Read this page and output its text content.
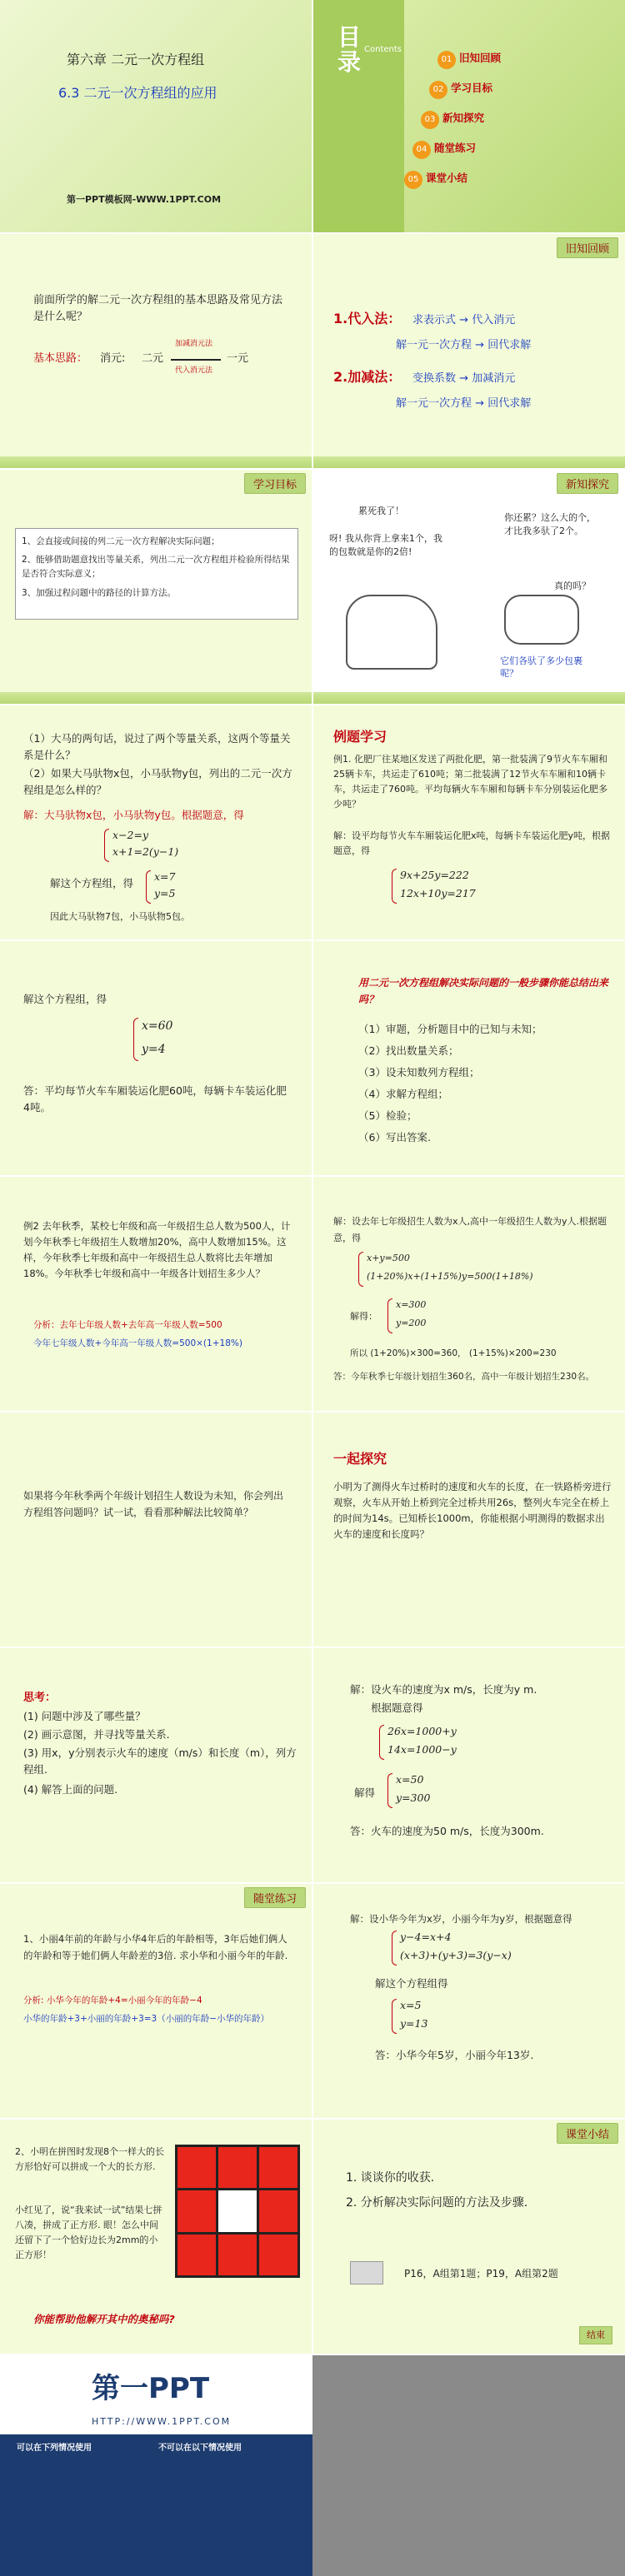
第六章 二元一次方程组
6.3 二元一次方程组的应用
第一PPT模板网-WWW.1PPT.COM
目
录 Contents
01 旧知回顾
02 学习目标
03 新知探究
04 随堂练习
05 课堂小结
前面所学的解二元一次方程组的基本思路及常见方法是什么呢？
基本思路： 消元: 二元
加减消元法
代入消元法
一元
旧知回顾
1.代入法： 求表示式 → 代入消元
解一元一次方程 → 回代求解
2.加减法： 变换系数 → 加减消元
解一元一次方程 → 回代求解
学习目标
1、会直接或间接的列二元一次方程解决实际问题；
2、能够借助题意找出等量关系，列出二元一次方程组并检验所得结果是否符合实际意义；
3、加强过程问题中的路径的计算方法。
新知探究
累死我了！
呀! 我从你背上拿来1个，我的包数就是你的2倍!
你还累？这么大的个，才比我多驮了2个。
真的吗？
它们各驮了多少包裹呢？
（1）大马的两句话，说过了两个等量关系，这两个等量关系是什么？
（2）如果大马驮物x包，小马驮物y包，列出的二元一次方程组是怎么样的？
解：大马驮物x包，小马驮物y包。根据题意，得
x−2=y
x+1=2(y−1)
解这个方程组，得
x=7
y=5
因此大马驮物7包，小马驮物5包。
例题学习
例1. 化肥厂往某地区发送了两批化肥，第一批装满了9节火车车厢和25辆卡车，共运走了610吨；第二批装满了12节火车车厢和10辆卡车，共运走了760吨。平均每辆火车车厢和每辆卡车分别装运化肥多少吨？
解：设平均每节火车车厢装运化肥x吨，每辆卡车装运化肥y吨，根据题意，得
9x+25y=222
12x+10y=217
解这个方程组，得
x=60
y=4
答：平均每节火车车厢装运化肥60吨，每辆卡车装运化肥4吨。
用二元一次方程组解决实际问题的一般步骤你能总结出来吗？
（1）审题，分析题目中的已知与未知；
（2）找出数量关系；
（3）设未知数列方程组；
（4）求解方程组；
（5）检验；
（6）写出答案.
例2 去年秋季，某校七年级和高一年级招生总人数为500人，计划今年秋季七年级招生人数增加20%，高中人数增加15%。这样，今年秋季七年级和高中一年级招生总人数将比去年增加18%。今年秋季七年级和高中一年级各计划招生多少人？
分析：去年七年级人数+去年高一年级人数=500
今年七年级人数+今年高一年级人数=500×(1+18%)
解：设去年七年级招生人数为x人,高中一年级招生人数为y人.根据题意，得
x+y=500
(1+20%)x+(1+15%)y=500(1+18%)
解得：
x=300
y=200
所以 (1+20%)×300=360， (1+15%)×200=230
答：今年秋季七年级计划招生360名，高中一年级计划招生230名。
如果将今年秋季两个年级计划招生人数设为未知，你会列出方程组答问题吗？试一试，看看那种解法比较简单？
一起探究
小明为了测得火车过桥时的速度和火车的长度，在一铁路桥旁进行观察，火车从开始上桥到完全过桥共用26s，整列火车完全在桥上的时间为14s。已知桥长1000m，你能根据小明测得的数据求出火车的速度和长度吗？
思考：
(1) 问题中涉及了哪些量？
(2) 画示意图，并寻找等量关系.
(3) 用x，y分别表示火车的速度（m/s）和长度（m），列方程组.
(4) 解答上面的问题.
解：设火车的速度为x m/s，长度为y m.
根据题意得
26x=1000+y
14x=1000−y
解得
x=50
y=300
答：火车的速度为50 m/s，长度为300m.
随堂练习
1、小丽4年前的年龄与小华4年后的年龄相等，3年后她们俩人的年龄和等于她们俩人年龄差的3倍. 求小华和小丽今年的年龄.
分析: 小华今年的年龄+4=小丽今年的年龄−4
小华的年龄+3+小丽的年龄+3=3（小丽的年龄−小华的年龄）
解：设小华今年为x岁，小丽今年为y岁，根据题意得
y−4=x+4
(x+3)+(y+3)=3(y−x)
解这个方程组得
x=5
y=13
答：小华今年5岁，小丽今年13岁.
2、小明在拼图时发现8个一样大的长方形恰好可以拼成一个大的长方形.
小红见了，说“我来试一试”结果七拼八凑，拼成了正方形. 眼！怎么中间还留下了一个恰好边长为2mm的小正方形！
你能帮助他解开其中的奥秘吗?
课堂小结
1. 谈谈你的收获.
2. 分析解决实际问题的方法及步骤.
P16，A组第1题；P19，A组第2题
结束
第一PPT
HTTP://WWW.1PPT.COM
可以在下列情况使用	不可以在以下情况使用
